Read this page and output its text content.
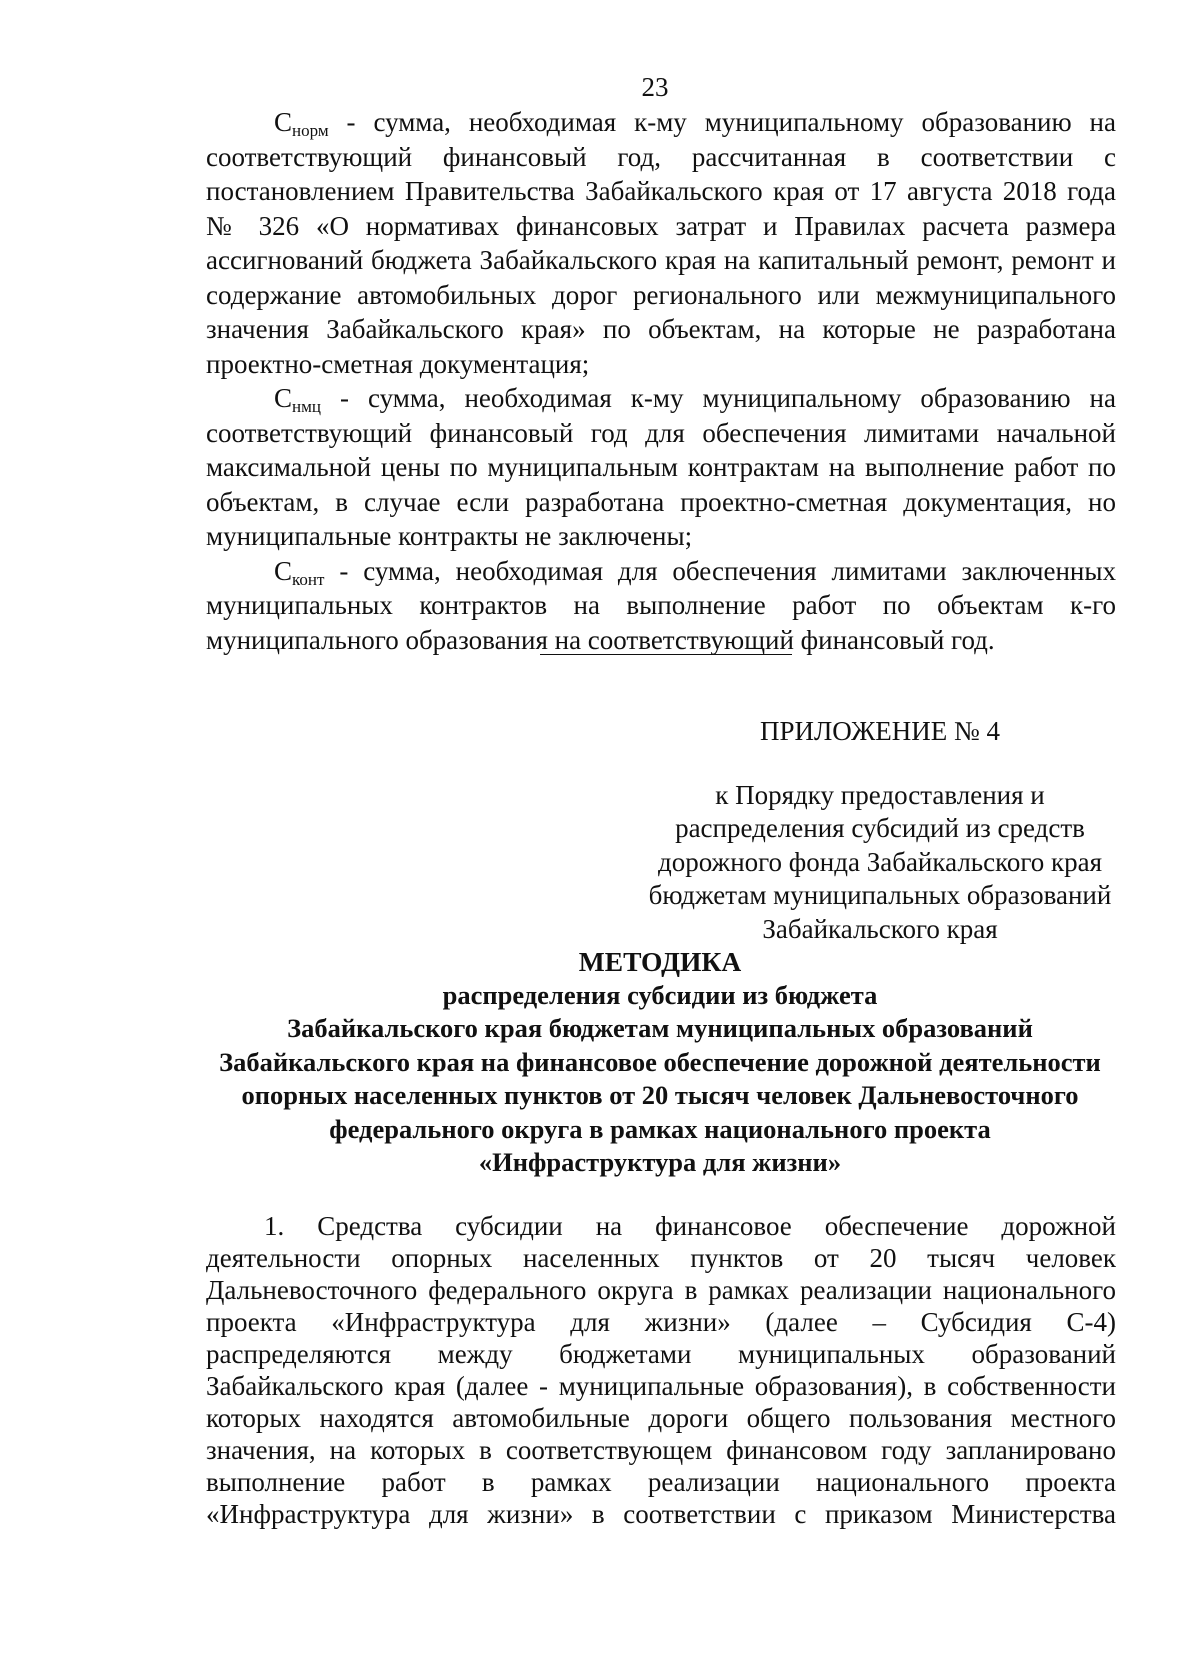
23

$С_{норм}$ - сумма, необходимая к-му муниципальному образованию на соответствующий финансовый год, рассчитанная в соответствии с постановлением Правительства Забайкальского края от 17 августа 2018 года № 326 «О нормативах финансовых затрат и Правилах расчета размера ассигнований бюджета Забайкальского края на капитальный ремонт, ремонт и содержание автомобильных дорог регионального или межмуниципального значения Забайкальского края» по объектам, на которые не разработана проектно-сметная документация;

$С_{нмц}$ - сумма, необходимая к-му муниципальному образованию на соответствующий финансовый год для обеспечения лимитами начальной максимальной цены по муниципальным контрактам на выполнение работ по объектам, в случае если разработана проектно-сметная документация, но муниципальные контракты не заключены;

$С_{конт}$ - сумма, необходимая для обеспечения лимитами заключенных муниципальных контрактов на выполнение работ по объектам к-го муниципального образования на соответствующий финансовый год.

ПРИЛОЖЕНИЕ № 4
к Порядку предоставления и
распределения субсидий из средств
дорожного фонда Забайкальского края
бюджетам муниципальных образований
Забайкальского края
МЕТОДИКА
распределения субсидии из бюджета
Забайкальского края бюджетам муниципальных образований
Забайкальского края на финансовое обеспечение дорожной деятельности
опорных населенных пунктов от 20 тысяч человек Дальневосточного
федерального округа в рамках национального проекта
«Инфраструктура для жизни»
1. Средства субсидии на финансовое обеспечение дорожной
деятельности опорных населенных пунктов от 20 тысяч человек
Дальневосточного федерального округа в рамках реализации национального
проекта «Инфраструктура для жизни» (далее – Субсидия С-4)
распределяются между бюджетами муниципальных образований
Забайкальского края (далее - муниципальные образования), в собственности
которых находятся автомобильные дороги общего пользования местного
значения, на которых в соответствующем финансовом году запланировано
выполнение работ в рамках реализации национального проекта
«Инфраструктура для жизни» в соответствии с приказом Министерства
